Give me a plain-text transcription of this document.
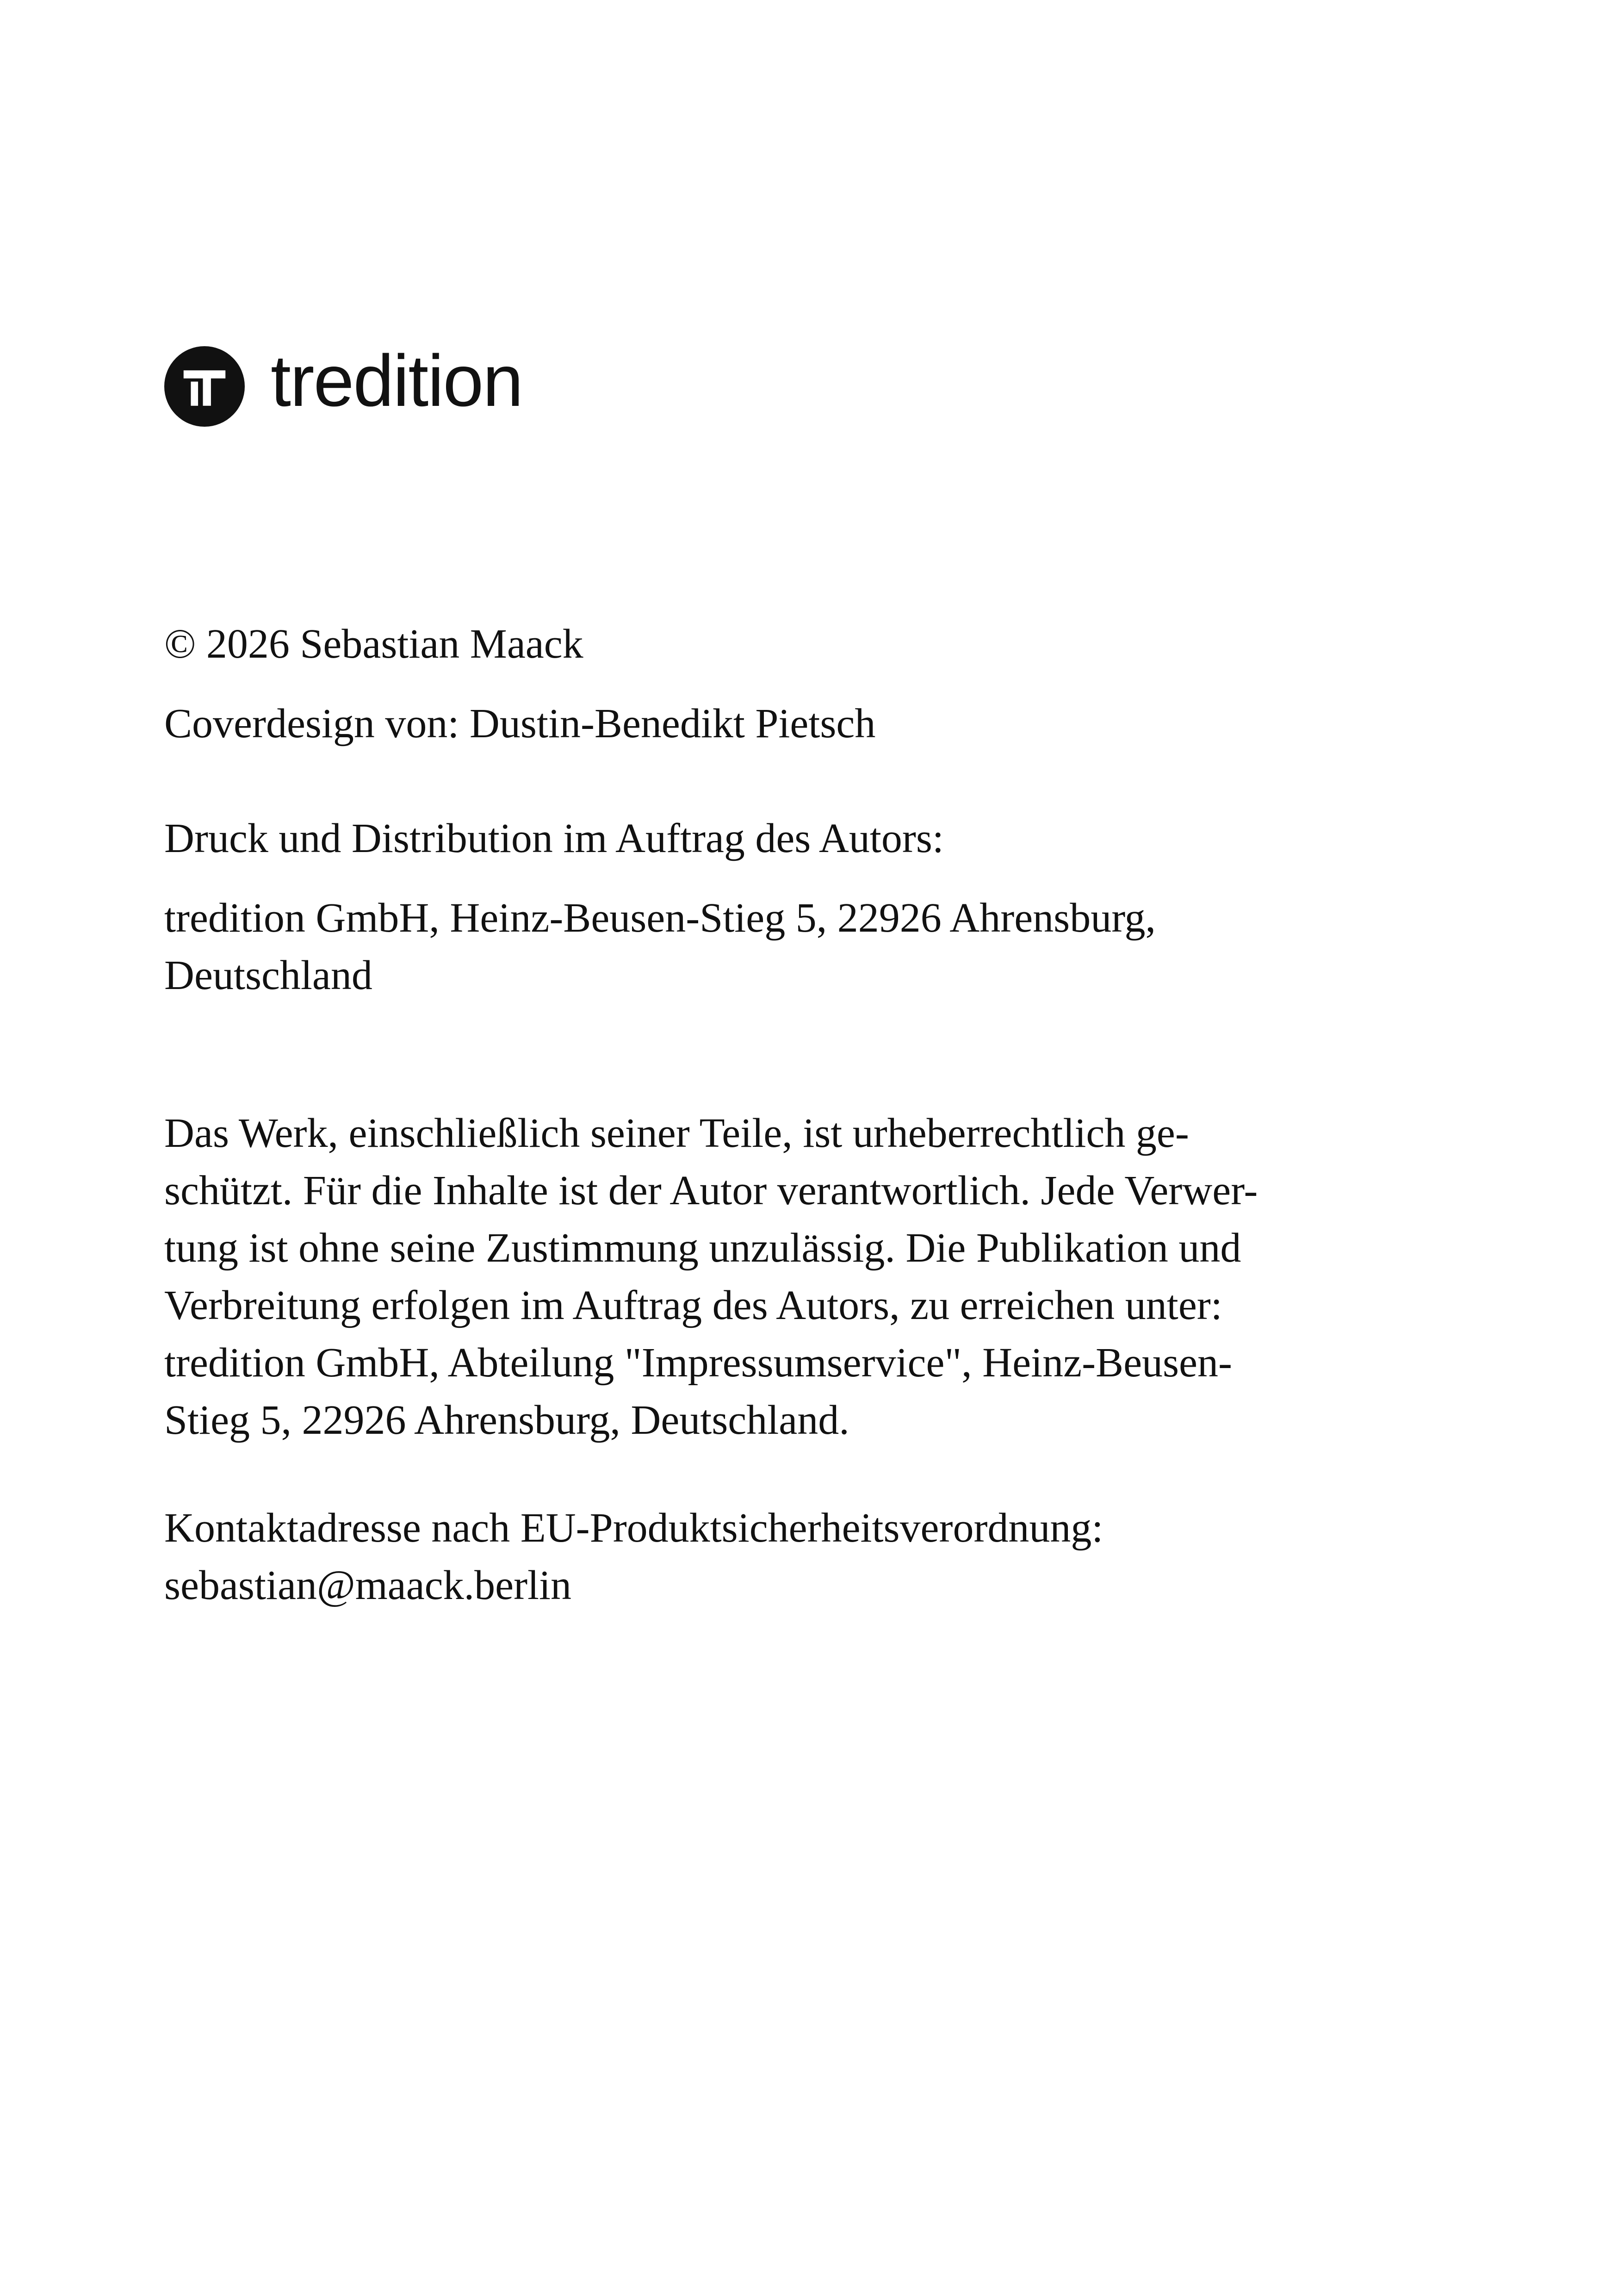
tredition

© 2026 Sebastian Maack

Coverdesign von: Dustin-Benedikt Pietsch

Druck und Distribution im Auftrag des Autors:

tredition GmbH, Heinz-Beusen-Stieg 5, 22926 Ahrensburg,
Deutschland
Das Werk, einschließlich seiner Teile, ist urheberrechtlich ge-
schützt. Für die Inhalte ist der Autor verantwortlich. Jede Verwer-
tung ist ohne seine Zustimmung unzulässig. Die Publikation und
Verbreitung erfolgen im Auftrag des Autors, zu erreichen unter:
tredition GmbH, Abteilung "Impressumservice", Heinz-Beusen-
Stieg 5, 22926 Ahrensburg, Deutschland.
Kontaktadresse nach EU-Produktsicherheitsverordnung:
sebastian@maack.berlin
